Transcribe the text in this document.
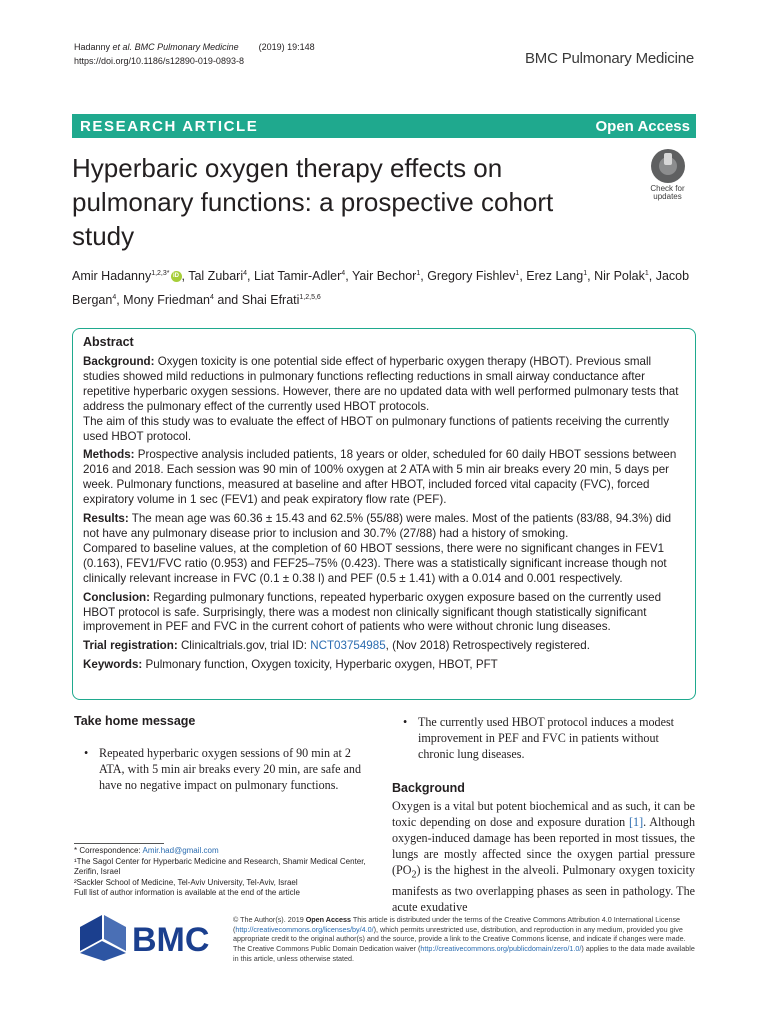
Hadanny et al. BMC Pulmonary Medicine (2019) 19:148
https://doi.org/10.1186/s12890-019-0893-8	BMC Pulmonary Medicine
RESEARCH ARTICLE	Open Access
Hyperbaric oxygen therapy effects on pulmonary functions: a prospective cohort study
Check for
updates
Amir Hadanny$^{1,2,3*}$ iD , Tal Zubari$^4$, Liat Tamir-Adler$^4$, Yair Bechor$^1$, Gregory Fishlev$^1$, Erez Lang$^1$, Nir Polak$^1$, Jacob Bergan$^4$, Mony Friedman$^4$ and Shai Efrati$^{1,2,5,6}$
Abstract

Background: Oxygen toxicity is one potential side effect of hyperbaric oxygen therapy (HBOT). Previous small studies showed mild reductions in pulmonary functions reflecting reductions in small airway conductance after repetitive hyperbaric oxygen sessions. However, there are no updated data with well performed pulmonary tests that address the pulmonary effect of the currently used HBOT protocols.
The aim of this study was to evaluate the effect of HBOT on pulmonary functions of patients receiving the currently used HBOT protocol.

Methods: Prospective analysis included patients, 18 years or older, scheduled for 60 daily HBOT sessions between 2016 and 2018. Each session was 90 min of 100% oxygen at 2 ATA with 5 min air breaks every 20 min, 5 days per week. Pulmonary functions, measured at baseline and after HBOT, included forced vital capacity (FVC), forced expiratory volume in 1 sec (FEV1) and peak expiratory flow rate (PEF).

Results: The mean age was 60.36 ± 15.43 and 62.5% (55/88) were males. Most of the patients (83/88, 94.3%) did not have any pulmonary disease prior to inclusion and 30.7% (27/88) had a history of smoking.
Compared to baseline values, at the completion of 60 HBOT sessions, there were no significant changes in FEV1 (0.163), FEV1/FVC ratio (0.953) and FEF25–75% (0.423). There was a statistically significant increase though not clinically relevant increase in FVC (0.1 ± 0.38 l) and PEF (0.5 ± 1.41) with a 0.014 and 0.001 respectively.

Conclusion: Regarding pulmonary functions, repeated hyperbaric oxygen exposure based on the currently used HBOT protocol is safe. Surprisingly, there was a modest non clinically significant though statistically significant improvement in PEF and FVC in the current cohort of patients who were without chronic lung diseases.

Trial registration: Clinicaltrials.gov, trial ID: NCT03754985, (Nov 2018) Retrospectively registered.

Keywords: Pulmonary function, Oxygen toxicity, Hyperbaric oxygen, HBOT, PFT

Take home message
• Repeated hyperbaric oxygen sessions of 90 min at 2 ATA, with 5 min air breaks every 20 min, are safe and have no negative impact on pulmonary functions.
• The currently used HBOT protocol induces a modest improvement in PEF and FVC in patients without chronic lung diseases.
Background
Oxygen is a vital but potent biochemical and as such, it can be toxic depending on dose and exposure duration [1]. Although oxygen-induced damage has been reported in most tissues, the lungs are mostly affected since the oxygen partial pressure $(PO_2)$ is the highest in the alveoli. Pulmonary oxygen toxicity manifests as two overlapping phases as seen in pathology. The acute exudative
* Correspondence: Amir.had@gmail.com
¹The Sagol Center for Hyperbaric Medicine and Research, Shamir Medical Center, Zerifin, Israel
²Sackler School of Medicine, Tel-Aviv University, Tel-Aviv, Israel
Full list of author information is available at the end of the article
BMC
© The Author(s). 2019 Open Access This article is distributed under the terms of the Creative Commons Attribution 4.0 International License (http://creativecommons.org/licenses/by/4.0/), which permits unrestricted use, distribution, and reproduction in any medium, provided you give appropriate credit to the original author(s) and the source, provide a link to the Creative Commons license, and indicate if changes were made. The Creative Commons Public Domain Dedication waiver (http://creativecommons.org/publicdomain/zero/1.0/) applies to the data made available in this article, unless otherwise stated.
